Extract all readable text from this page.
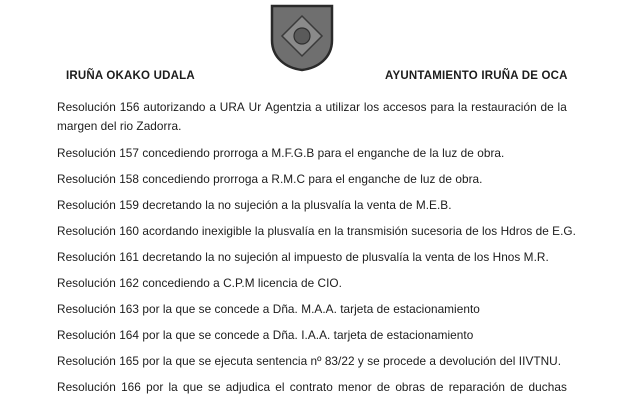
IRUÑA OKAKO UDALA	AYUNTAMIENTO IRUÑA DE OCA
Resolución 156 autorizando a URA Ur Agentzia a utilizar los accesos para la restauración de la
margen del rio Zadorra.
Resolución 157 concediendo prorroga a M.F.G.B para el enganche de la luz de obra.
Resolución 158 concediendo prorroga a R.M.C para el enganche de luz de obra.
Resolución 159 decretando la no sujeción a la plusvalía la venta de M.E.B.
Resolución 160 acordando inexigible la plusvalía en la transmisión sucesoria de los Hdros de E.G.
Resolución 161 decretando la no sujeción al impuesto de plusvalía la venta de los Hnos M.R.
Resolución 162 concediendo a C.P.M licencia de CIO.
Resolución 163 por la que se concede a Dña. M.A.A. tarjeta de estacionamiento
Resolución 164 por la que se concede a Dña. I.A.A. tarjeta de estacionamiento
Resolución 165 por la que se ejecuta sentencia nº 83/22 y se procede a devolución del IIVTNU.
Resolución 166 por la que se adjudica el contrato menor de obras de reparación de duchas
